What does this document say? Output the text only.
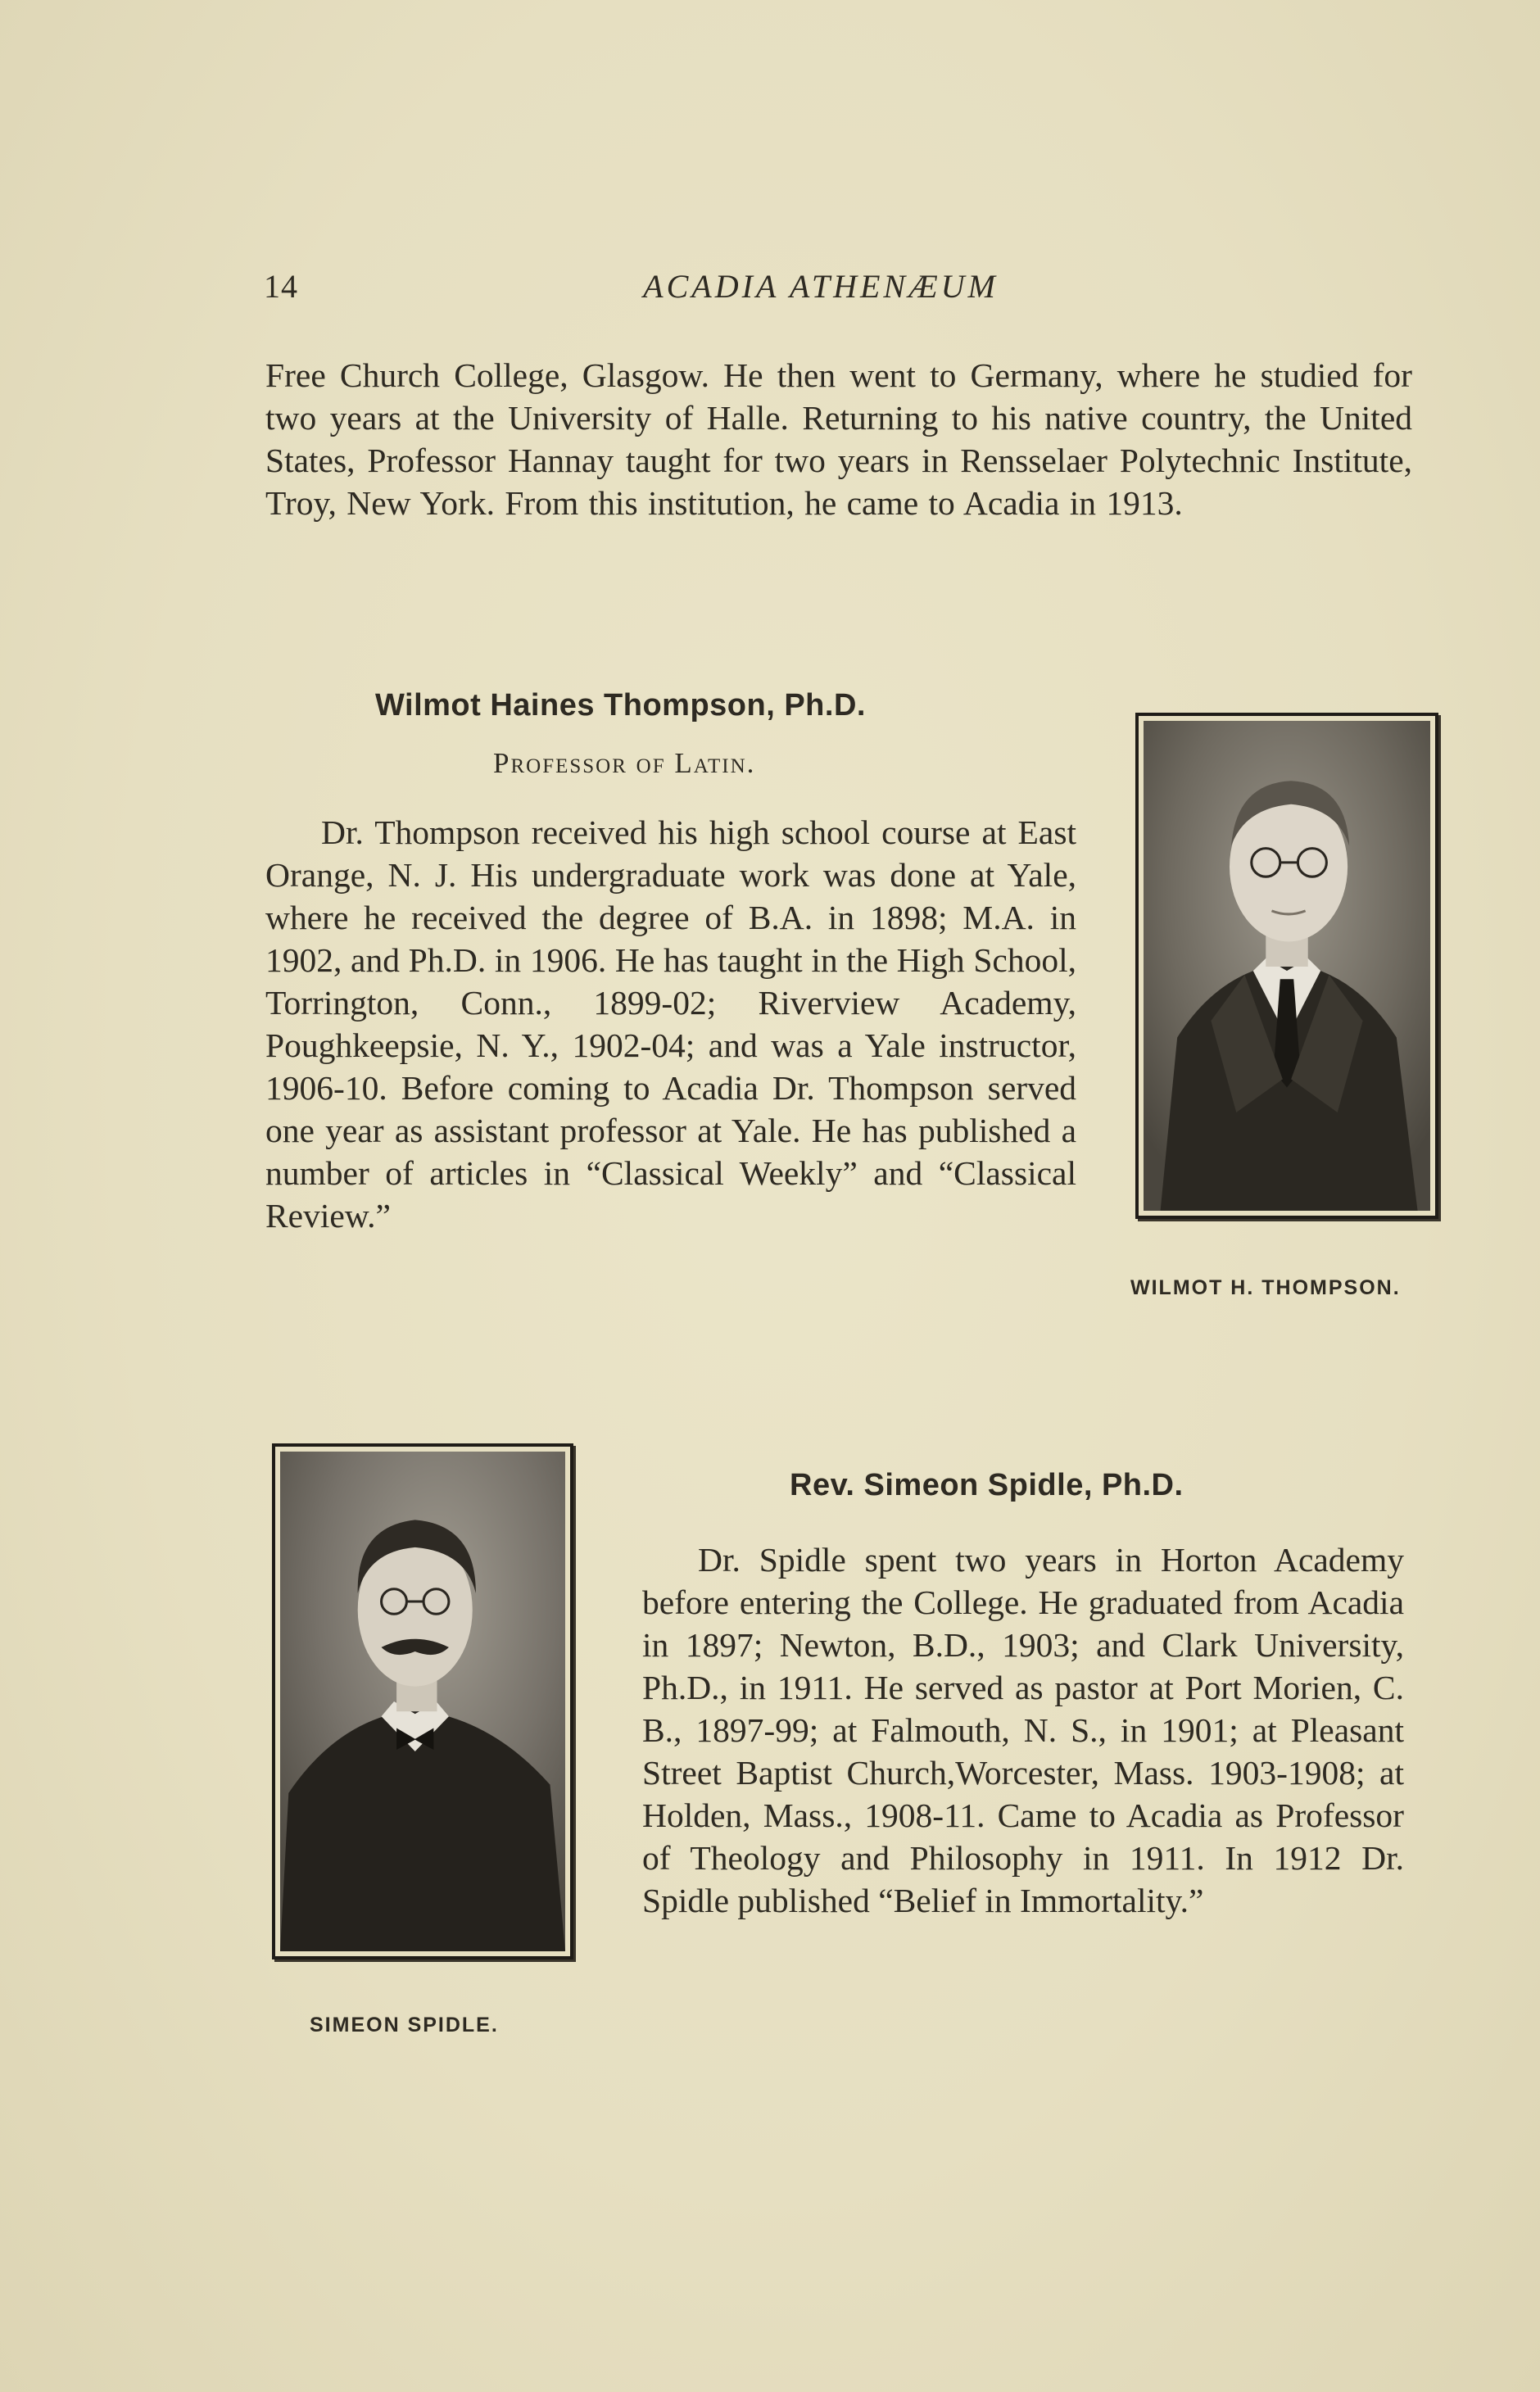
14	ACADIA ATHENÆUM

Free Church College, Glasgow. He then went to Germany, where he studied for two years at the University of Halle. Returning to his native country, the United States, Professor Hannay taught for two years in Rensselaer Polytechnic Institute, Troy, New York. From this institution, he came to Acadia in 1913.

Wilmot Haines Thompson, Ph.D.
Professor of Latin.

Dr. Thompson received his high school course at East Orange, N. J. His undergraduate work was done at Yale, where he received the degree of B.A. in 1898; M.A. in 1902, and Ph.D. in 1906. He has taught in the High School, Torrington, Conn., 1899-02; Riverview Academy, Poughkeepsie, N. Y., 1902-04; and was a Yale instructor, 1906-10. Before coming to Acadia Dr. Thompson served one year as assistant professor at Yale. He has published a number of articles in “Classical Weekly” and “Classical Review.”

WILMOT H. THOMPSON.
SIMEON SPIDLE.
Rev. Simeon Spidle, Ph.D.

Dr. Spidle spent two years in Horton Academy before entering the College. He graduated from Acadia in 1897; Newton, B.D., 1903; and Clark University, Ph.D., in 1911. He served as pastor at Port Morien, C. B., 1897-99; at Falmouth, N. S., in 1901; at Pleasant Street Baptist Church,Worcester, Mass. 1903-1908; at Holden, Mass., 1908-11. Came to Acadia as Professor of Theology and Philosophy in 1911. In 1912 Dr. Spidle published “Belief in Immortality.”
